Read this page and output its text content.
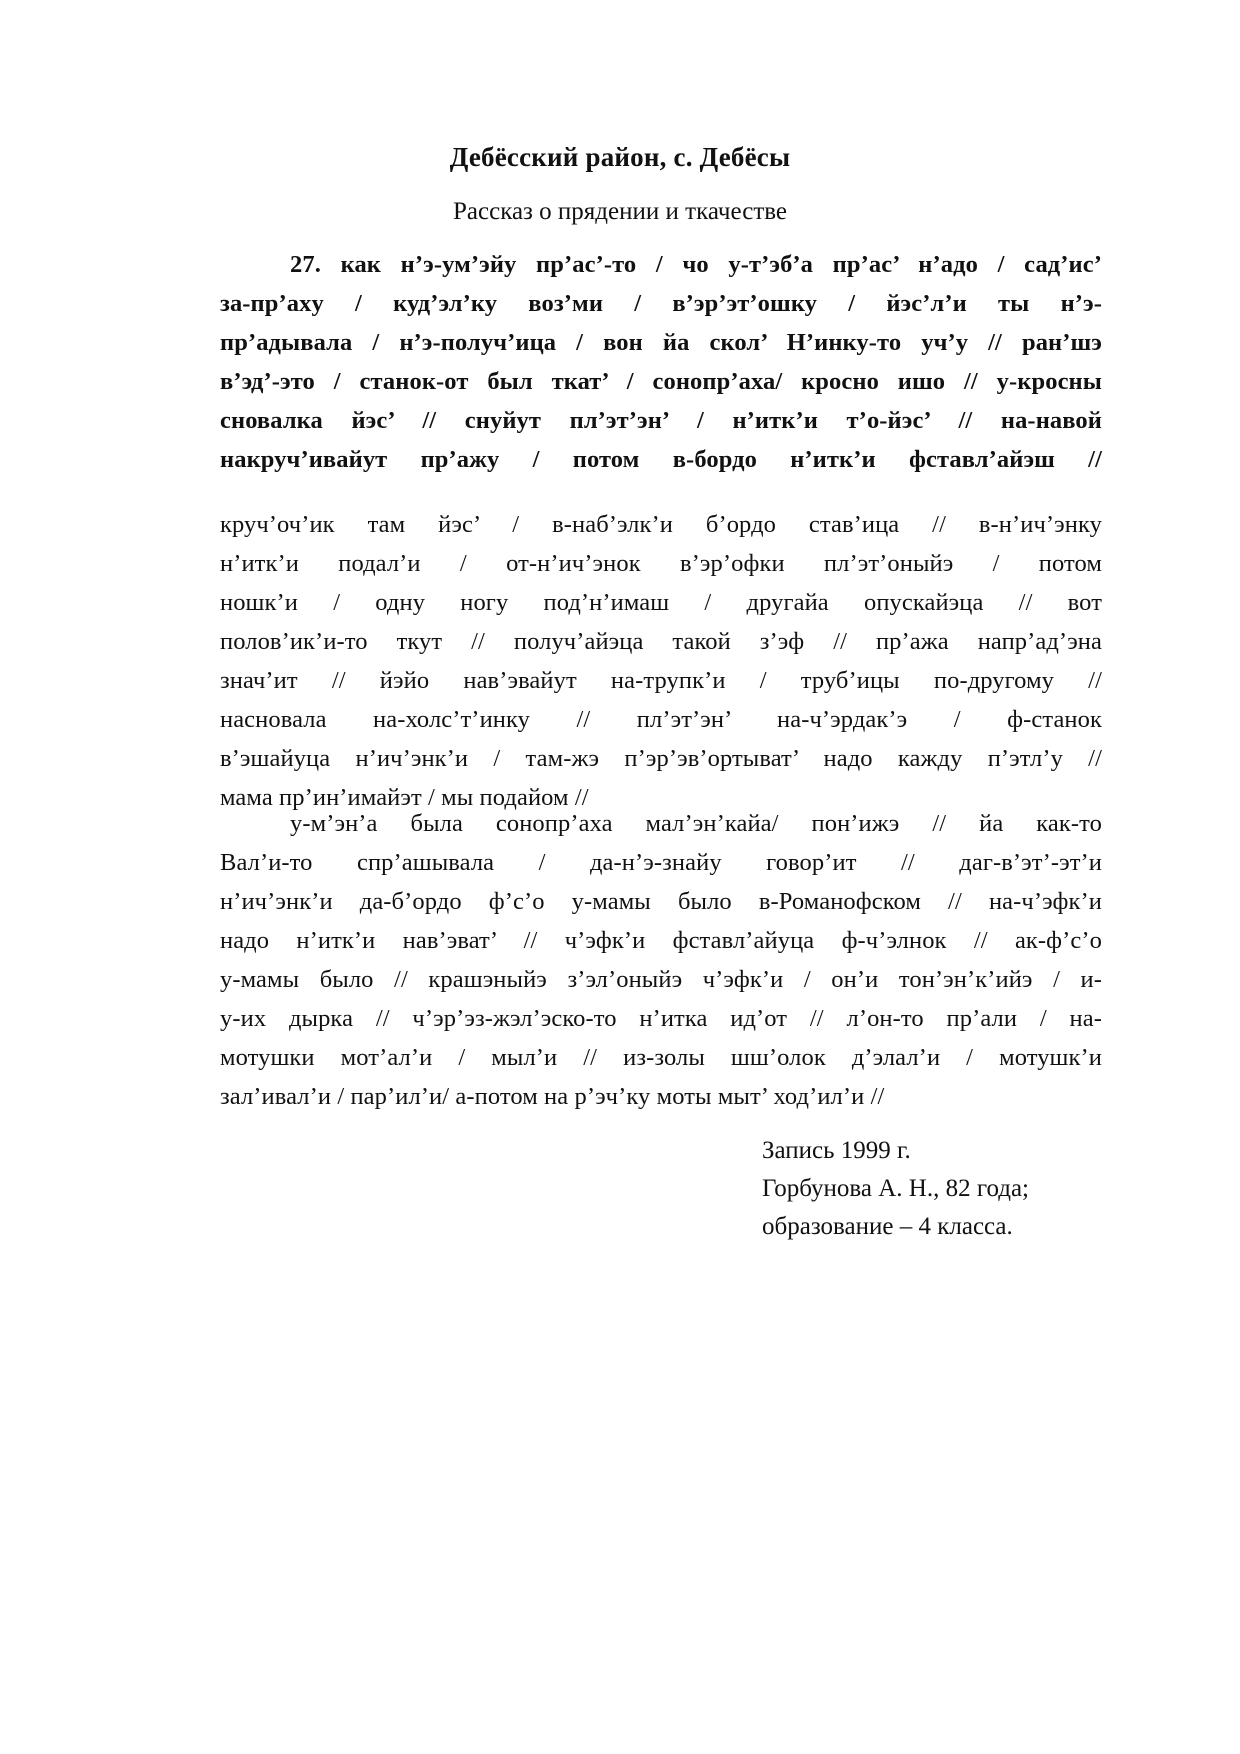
Дебёсский район, с. Дебёсы
Рассказ о прядении и ткачестве
27. как н’э-ум’эйу пр’ас’-то / чо у-т’эб’а пр’ас’ н’адо / сад’ис’
за-пр’ахy / куд’эл’ку воз’ми / в’эр’эт’ошку / йэс’л’и ты н’э-
пр’адывала / н’э-получ’ица / вон йа скол’ Н’инку-то уч’у // ран’шэ
в’эд’-это / станок-от был ткат’ / сонопр’аха/ кросно ишо // у-кросны
сновалка йэс’ // снуйут пл’эт’эн’ / н’итк’и т’о-йэс’ // на-навой
накруч’ивайут пр’ажу / потом в-бордо н’итк’и фставл’айэш //
круч’оч’ик там йэс’ / в-наб’элк’и б’ордо став’ица // в-н’ич’энку
н’итк’и подал’и / от-н’ич’энок в’эр’офки пл’эт’оныйэ / потом
ношк’и / одну ногу под’н’имаш / другайа опускайэца // вот
полов’ик’и-то ткут // получ’айэца такой з’эф // пр’ажа напр’ад’эна
знач’ит // йэйо нав’эвайут на-трупк’и / труб’ицы по-другому //
насновала на-холс’т’инку // пл’эт’эн’ на-ч’эрдак’э / ф-станок
в’эшайуца н’ич’энк’и / там-жэ п’эр’эв’ортыват’ надо кажду п’этл’у //
мама пр’ин’имайэт / мы подайом //
у-м’эн’а была сонопр’аха мал’эн’кайа/ пон’ижэ // йа как-то
Вал’и-то спр’ашывала / да-н’э-знайу говор’ит // даг-в’эт’-эт’и
н’ич’энк’и да-б’ордо ф’с’о у-мамы было в-Романофском // на-ч’эфк’и
надо н’итк’и нав’эват’ // ч’эфк’и фставл’айуца ф-ч’элнок // ак-ф’с’о
у-мамы было // крашэныйэ з’эл’оныйэ ч’эфк’и / он’и тон’эн’к’ийэ / и-
у-их дырка // ч’эр’эз-жэл’эско-то н’итка ид’от // л’он-то пр’али / на-
мотушки мот’ал’и / мыл’и // из-золы шш’олок д’элал’и / мотушк’и
зал’ивал’и / пар’ил’и/ а-потом на р’эч’ку моты мыт’ ход’ил’и //
Запись 1999 г.
Горбунова А. Н., 82 года;
образование – 4 класса.
